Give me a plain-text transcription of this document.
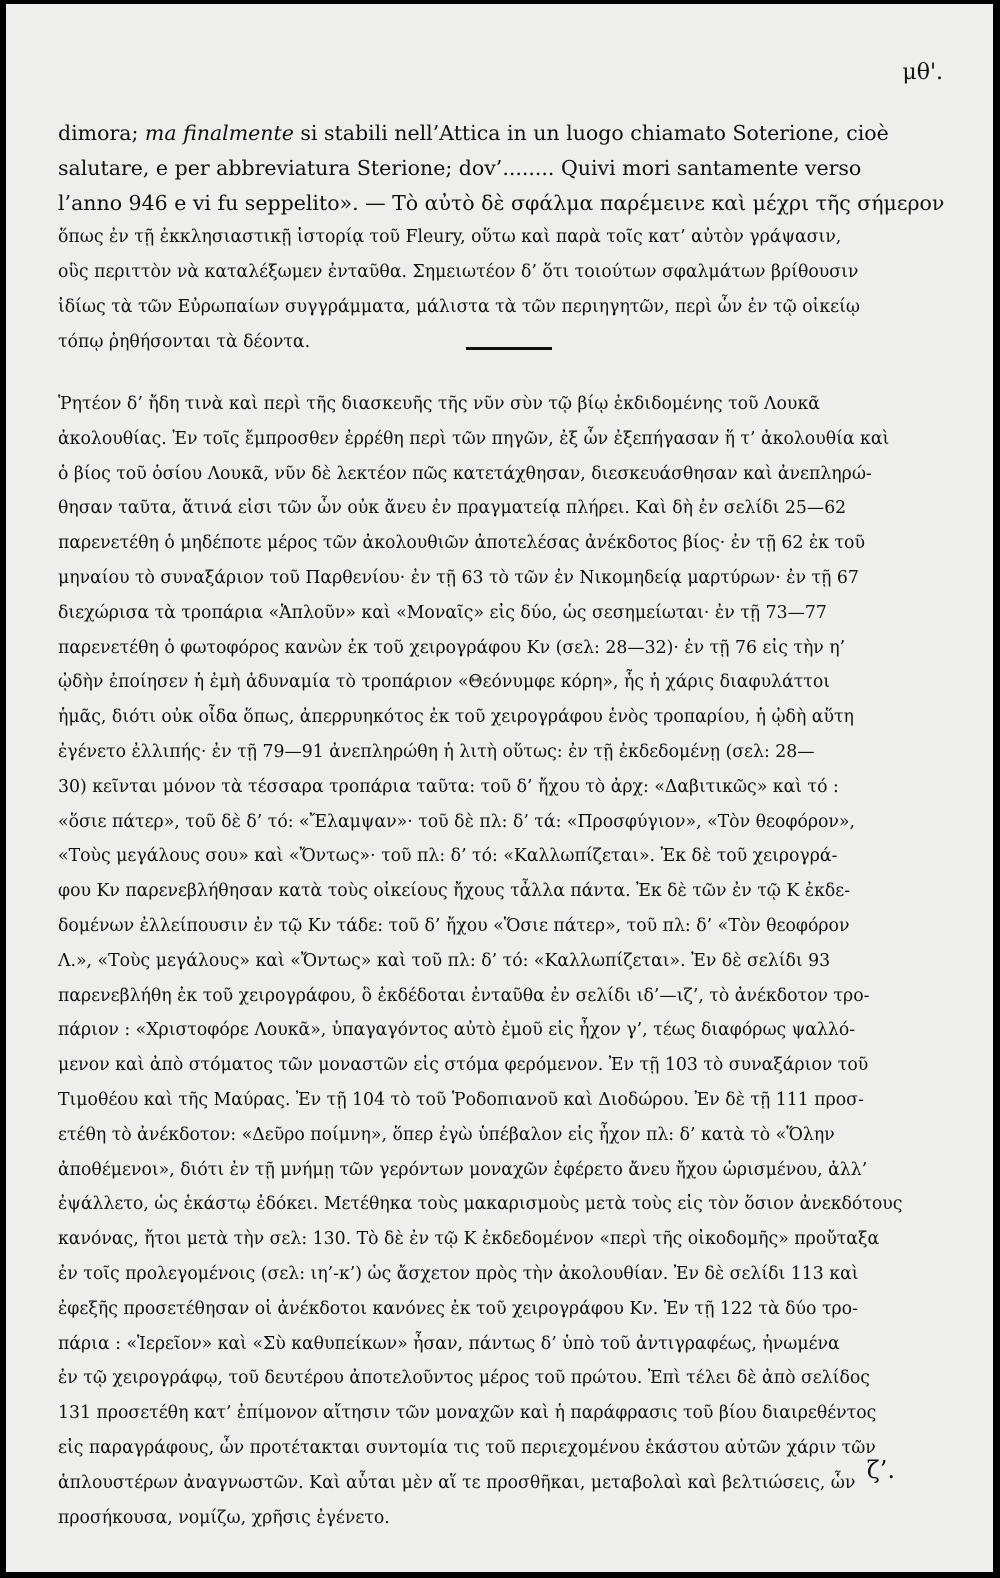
μθ'.

dimora; ma finalmente si stabili nell’Attica in un luogo chiamato Soterione, cioè
salutare, e per abbreviatura Sterione; dov’........ Quivi mori santamente verso
l’anno 946 e vi fu seppelito». — Τὸ αὐτὸ δὲ σφάλμα παρέμεινε καὶ μέχρι τῆς σήμερον
ὅπως ἐν τῇ ἐκκλησιαστικῇ ἱστορίᾳ τοῦ Fleury, οὕτω καὶ παρὰ τοῖς κατ’ αὐτὸν γράψασιν,
οὓς περιττὸν νὰ καταλέξωμεν ἐνταῦθα. Σημειωτέον δ’ ὅτι τοιούτων σφαλμάτων βρίθουσιν
ἰδίως τὰ τῶν Εὐρωπαίων συγγράμματα, μάλιστα τὰ τῶν περιηγητῶν, περὶ ὧν ἐν τῷ οἰκείῳ
τόπῳ ῥηθήσονται τὰ δέοντα.

Ῥητέον δ’ ἤδη τινὰ καὶ περὶ τῆς διασκευῆς τῆς νῦν σὺν τῷ βίῳ ἐκδιδομένης τοῦ Λουκᾶ
ἀκολουθίας. Ἐν τοῖς ἔμπροσθεν ἐρρέθη περὶ τῶν πηγῶν, ἐξ ὧν ἐξεπήγασαν ἥ τ’ ἀκολουθία καὶ
ὁ βίος τοῦ ὁσίου Λουκᾶ, νῦν δὲ λεκτέον πῶς κατετάχθησαν, διεσκευάσθησαν καὶ ἀνεπληρώ-
θησαν ταῦτα, ἅτινά εἰσι τῶν ὧν οὐκ ἄνευ ἐν πραγματείᾳ πλήρει. Καὶ δὴ ἐν σελίδι 25—62
παρενετέθη ὁ μηδέποτε μέρος τῶν ἀκολουθιῶν ἀποτελέσας ἀνέκδοτος βίος· ἐν τῇ 62 ἐκ τοῦ
μηναίου τὸ συναξάριον τοῦ Παρθενίου· ἐν τῇ 63 τὸ τῶν ἐν Νικομηδείᾳ μαρτύρων· ἐν τῇ 67
διεχώρισα τὰ τροπάρια «Ἁπλοῦν» καὶ «Μοναῖς» εἰς δύο, ὡς σεσημείωται· ἐν τῇ 73—77
παρενετέθη ὁ φωτοφόρος κανὼν ἐκ τοῦ χειρογράφου Κν (σελ: 28—32)· ἐν τῇ 76 εἰς τὴν η’
ᾠδὴν ἐποίησεν ἡ ἐμὴ ἀδυναμία τὸ τροπάριον «Θεόνυμφε κόρη», ἧς ἡ χάρις διαφυλάττοι
ἡμᾶς, διότι οὐκ οἶδα ὅπως, ἀπερρυηκότος ἐκ τοῦ χειρογράφου ἑνὸς τροπαρίου, ἡ ᾠδὴ αὕτη
ἐγένετο ἐλλιπής· ἐν τῇ 79—91 ἀνεπληρώθη ἡ λιτὴ οὕτως: ἐν τῇ ἐκδεδομένῃ (σελ: 28—
30) κεῖνται μόνον τὰ τέσσαρα τροπάρια ταῦτα: τοῦ δ’ ἤχου τὸ ἀρχ: «Δαβιτικῶς» καὶ τό :
«ὅσιε πάτερ», τοῦ δὲ δ’ τό: «Ἔλαμψαν»· τοῦ δὲ πλ: δ’ τά: «Προσφύγιον», «Τὸν θεοφόρον»,
«Τοὺς μεγάλους σου» καὶ «Ὄντως»· τοῦ πλ: δ’ τό: «Καλλωπίζεται». Ἐκ δὲ τοῦ χειρογρά-
φου Κν παρενεβλήθησαν κατὰ τοὺς οἰκείους ἤχους τἆλλα πάντα. Ἐκ δὲ τῶν ἐν τῷ Κ ἐκδε-
δομένων ἐλλείπουσιν ἐν τῷ Κν τάδε: τοῦ δ’ ἤχου «Ὅσιε πάτερ», τοῦ πλ: δ’ «Τὸν θεοφόρον
Λ.», «Τοὺς μεγάλους» καὶ «Ὄντως» καὶ τοῦ πλ: δ’ τό: «Καλλωπίζεται». Ἐν δὲ σελίδι 93
παρενεβλήθη ἐκ τοῦ χειρογράφου, ὃ ἐκδέδοται ἐνταῦθα ἐν σελίδι ιδ’—ιζ’, τὸ ἀνέκδοτον τρο-
πάριον : «Χριστοφόρε Λουκᾶ», ὑπαγαγόντος αὐτὸ ἐμοῦ εἰς ἦχον γ’, τέως διαφόρως ψαλλό-
μενον καὶ ἀπὸ στόματος τῶν μοναστῶν εἰς στόμα φερόμενον. Ἐν τῇ 103 τὸ συναξάριον τοῦ
Τιμοθέου καὶ τῆς Μαύρας. Ἐν τῇ 104 τὸ τοῦ Ῥοδοπιανοῦ καὶ Διοδώρου. Ἐν δὲ τῇ 111 προσ-
ετέθη τὸ ἀνέκδοτον: «Δεῦρο ποίμνη», ὅπερ ἐγὼ ὑπέβαλον εἰς ἦχον πλ: δ’ κατὰ τὸ «Ὅλην
ἀποθέμενοι», διότι ἐν τῇ μνήμῃ τῶν γερόντων μοναχῶν ἐφέρετο ἄνευ ἤχου ὡρισμένου, ἀλλ’
ἐψάλλετο, ὡς ἑκάστῳ ἐδόκει. Μετέθηκα τοὺς μακαρισμοὺς μετὰ τοὺς εἰς τὸν ὅσιον ἀνεκδότους
κανόνας, ἤτοι μετὰ τὴν σελ: 130. Τὸ δὲ ἐν τῷ Κ ἐκδεδομένον «περὶ τῆς οἰκοδομῆς» προὔταξα
ἐν τοῖς προλεγομένοις (σελ: ιη’-κ’) ὡς ἄσχετον πρὸς τὴν ἀκολουθίαν. Ἐν δὲ σελίδι 113 καὶ
ἐφεξῆς προσετέθησαν οἱ ἀνέκδοτοι κανόνες ἐκ τοῦ χειρογράφου Κν. Ἐν τῇ 122 τὰ δύο τρο-
πάρια : «Ἱερεῖον» καὶ «Σὺ καθυπείκων» ἦσαν, πάντως δ’ ὑπὸ τοῦ ἀντιγραφέως, ἡνωμένα
ἐν τῷ χειρογράφῳ, τοῦ δευτέρου ἀποτελοῦντος μέρος τοῦ πρώτου. Ἐπὶ τέλει δὲ ἀπὸ σελίδος
131 προσετέθη κατ’ ἐπίμονον αἴτησιν τῶν μοναχῶν καὶ ἡ παράφρασις τοῦ βίου διαιρεθέντος
εἰς παραγράφους, ὧν προτέτακται συντομία τις τοῦ περιεχομένου ἑκάστου αὐτῶν χάριν τῶν
ἁπλουστέρων ἀναγνωστῶν. Καὶ αὗται μὲν αἵ τε προσθῆκαι, μεταβολαὶ καὶ βελτιώσεις, ὧν
προσήκουσα, νομίζω, χρῆσις ἐγένετο.

ζ’.
